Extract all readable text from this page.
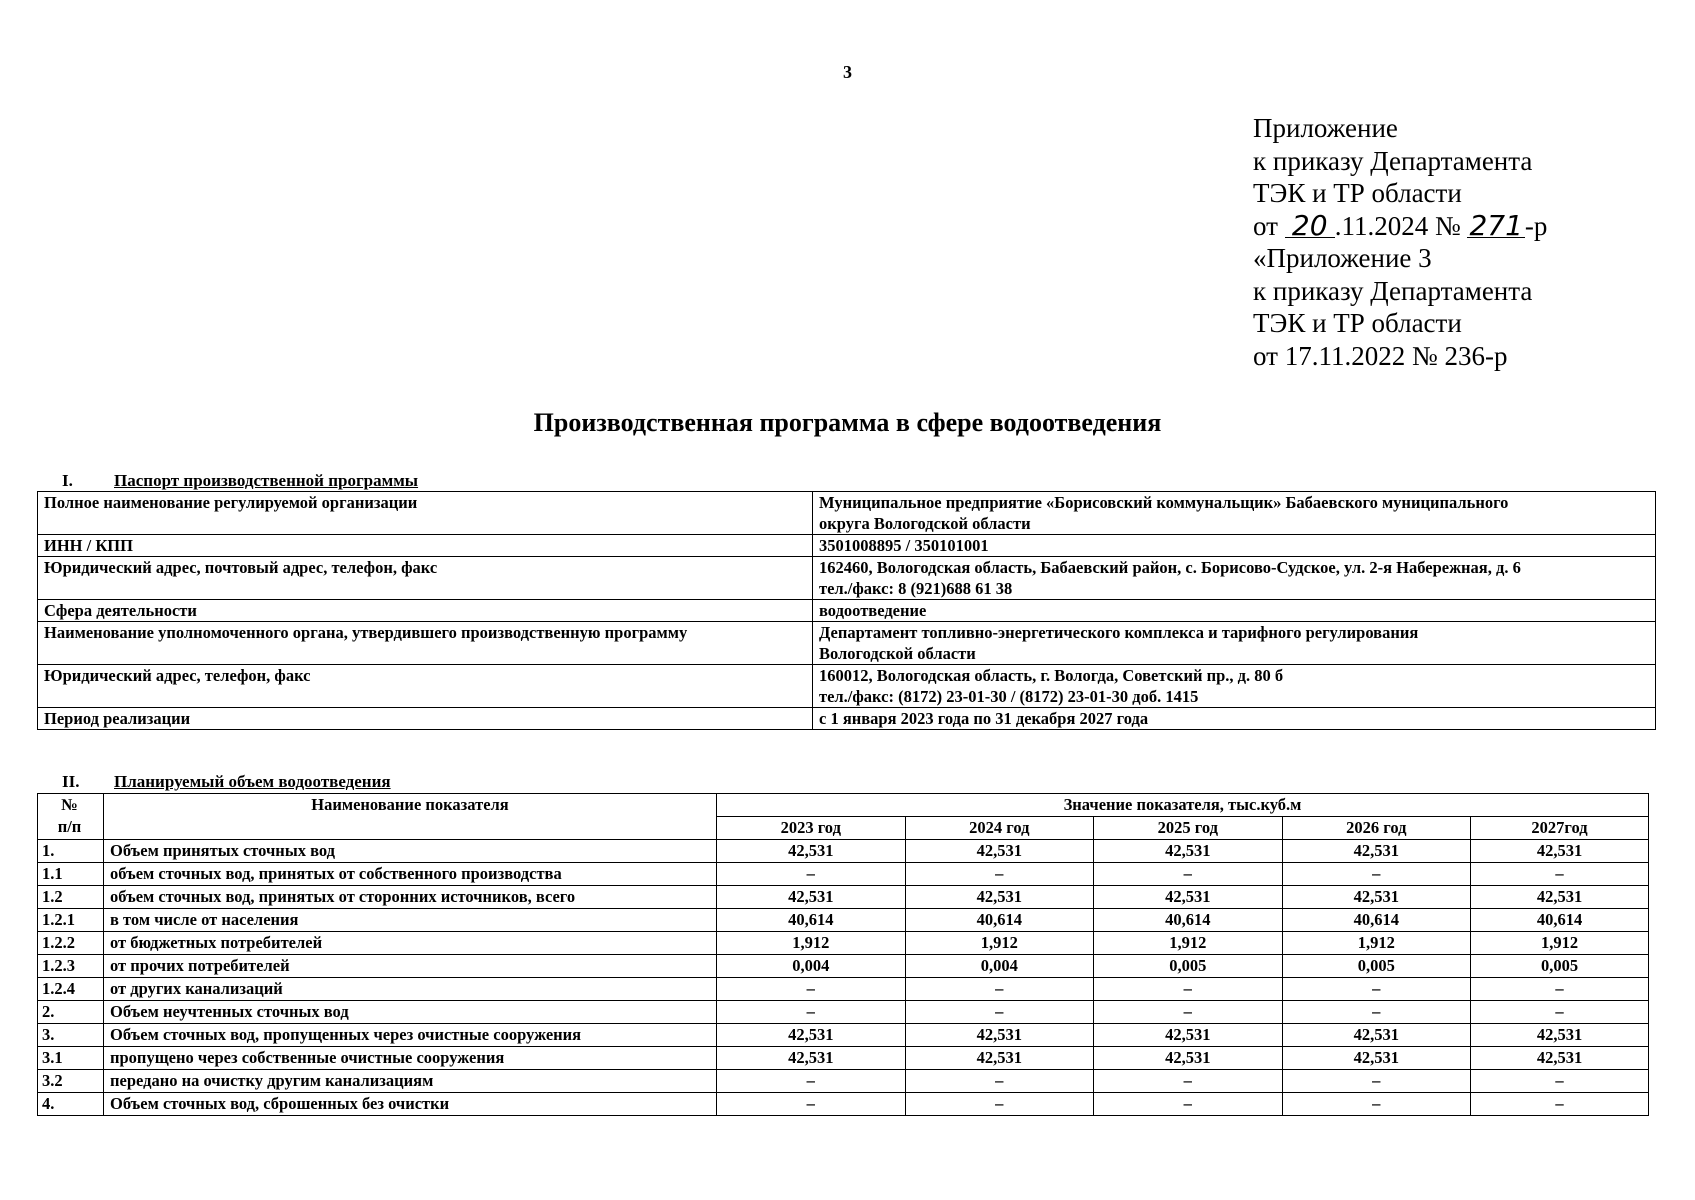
3
Приложение
к приказу Департамента
ТЭК и ТР области
от 20 .11.2024 № 271-р
«Приложение 3
к приказу Департамента
ТЭК и ТР области
от 17.11.2022 № 236-р
Производственная программа в сфере водоотведения
I. Паспорт производственной программы
Полное наименование регулируемой организации	Муниципальное предприятие «Борисовский коммунальщик» Бабаевского муниципального
округа Вологодской области

ИНН / КПП	3501008895 / 350101001

Юридический адрес, почтовый адрес, телефон, факс	162460, Вологодская область, Бабаевский район, с. Борисово-Судское, ул. 2-я Набережная, д. 6
тел./факс: 8 (921)688 61 38

Сфера деятельности	водоотведение

Наименование уполномоченного органа, утвердившего производственную программу	Департамент топливно-энергетического комплекса и тарифного регулирования
Вологодской области

Юридический адрес, телефон, факс	160012, Вологодская область, г. Вологда, Советский пр., д. 80 б
тел./факс: (8172) 23-01-30 / (8172) 23-01-30 доб. 1415

Период реализации	с 1 января 2023 года по 31 декабря 2027 года
II. Планируемый объем водоотведения
№
п/п	Наименование показателя	Значение показателя, тыс.куб.м				
		2023 год	2024 год	2025 год	2026 год	2027год
1.	Объем принятых сточных вод	42,531	42,531	42,531	42,531	42,531
1.1	объем сточных вод, принятых от собственного производства	–	–	–	–	–
1.2	объем сточных вод, принятых от сторонних источников, всего	42,531	42,531	42,531	42,531	42,531
1.2.1	в том числе от населения	40,614	40,614	40,614	40,614	40,614
1.2.2	от бюджетных потребителей	1,912	1,912	1,912	1,912	1,912
1.2.3	от прочих потребителей	0,004	0,004	0,005	0,005	0,005
1.2.4	от других канализаций	–	–	–	–	–
2.	Объем неучтенных сточных вод	–	–	–	–	–
3.	Объем сточных вод, пропущенных через очистные сооружения	42,531	42,531	42,531	42,531	42,531
3.1	пропущено через собственные очистные сооружения	42,531	42,531	42,531	42,531	42,531
3.2	передано на очистку другим канализациям	–	–	–	–	–
4.	Объем сточных вод, сброшенных без очистки	–	–	–	–	–
